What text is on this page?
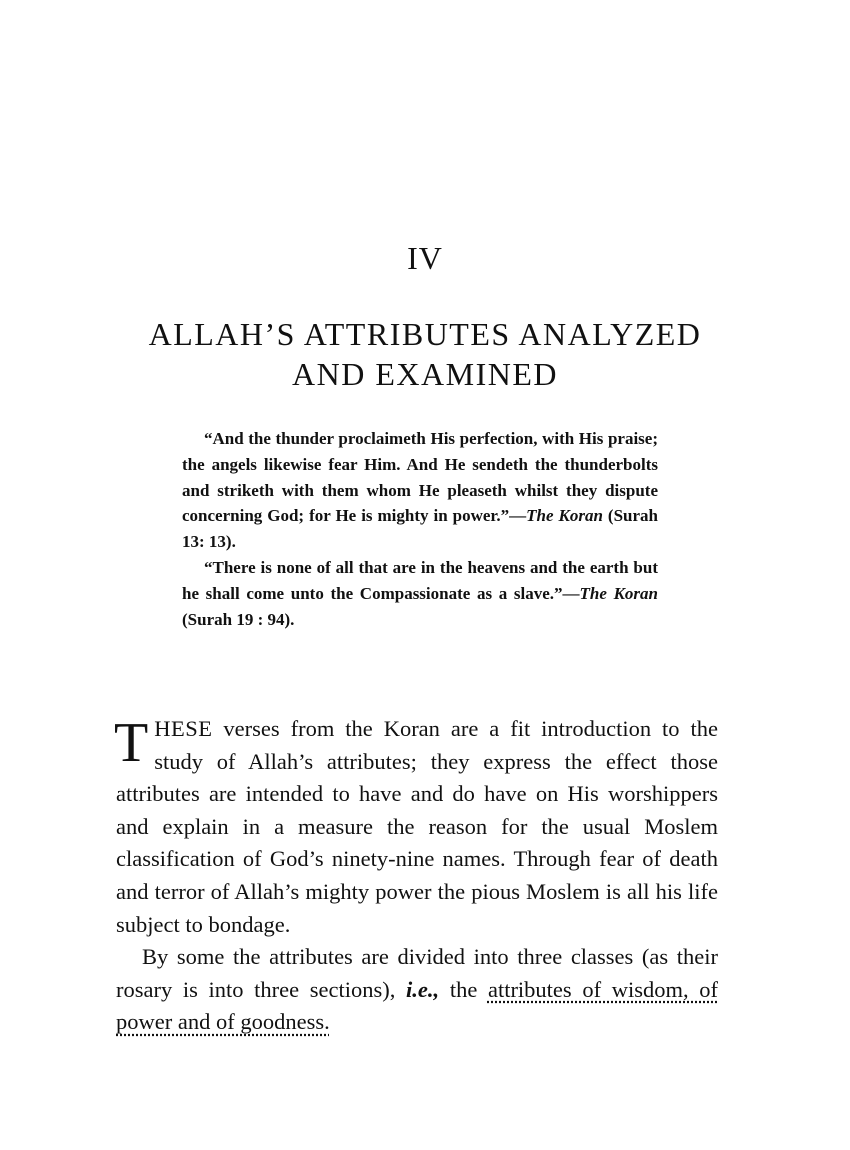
IV
ALLAH’S ATTRIBUTES ANALYZED
AND EXAMINED

“And the thunder proclaimeth His perfection, with His praise; the angels likewise fear Him. And He sendeth the thunderbolts and striketh with them whom He pleaseth whilst they dispute concerning God; for He is mighty in power.”—The Koran (Surah 13: 13).

“There is none of all that are in the heavens and the earth but he shall come unto the Compassionate as a slave.”—The Koran (Surah 19 : 94).

THESE verses from the Koran are a fit introduction to the study of Allah’s attributes; they express the effect those attributes are intended to have and do have on His worshippers and explain in a measure the reason for the usual Moslem classification of God’s ninety-nine names. Through fear of death and terror of Allah’s mighty power the pious Moslem is all his life subject to bondage.

By some the attributes are divided into three classes (as their rosary is into three sections), i.e., the attributes of wisdom, of power and of goodness.
